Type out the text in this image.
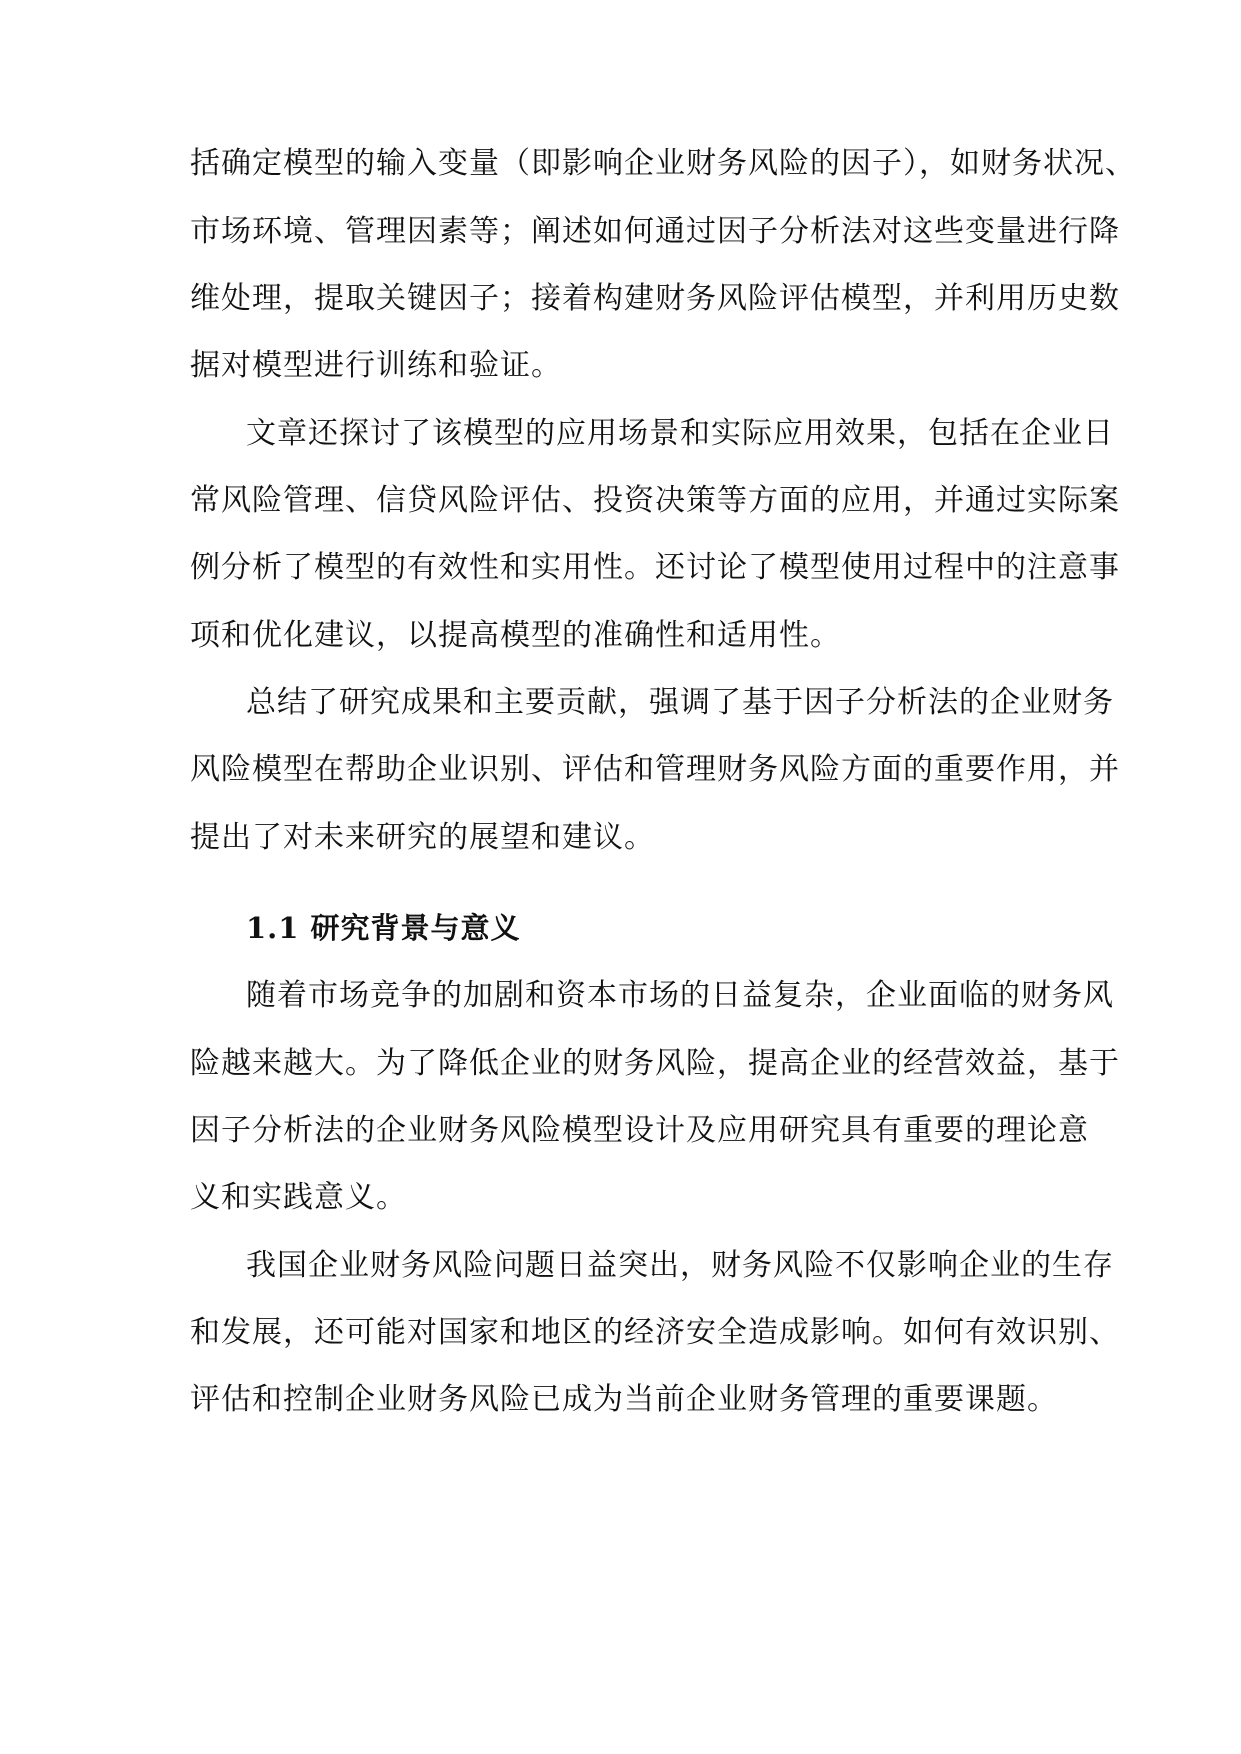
括确定模型的输入变量（即影响企业财务风险的因子），如财务状况、
市场环境、管理因素等；阐述如何通过因子分析法对这些变量进行降
维处理，提取关键因子；接着构建财务风险评估模型，并利用历史数
据对模型进行训练和验证。
文章还探讨了该模型的应用场景和实际应用效果，包括在企业日
常风险管理、信贷风险评估、投资决策等方面的应用，并通过实际案
例分析了模型的有效性和实用性。还讨论了模型使用过程中的注意事
项和优化建议，以提高模型的准确性和适用性。
总结了研究成果和主要贡献，强调了基于因子分析法的企业财务
风险模型在帮助企业识别、评估和管理财务风险方面的重要作用，并
提出了对未来研究的展望和建议。
1.1 研究背景与意义
随着市场竞争的加剧和资本市场的日益复杂，企业面临的财务风
险越来越大。为了降低企业的财务风险，提高企业的经营效益，基于
因子分析法的企业财务风险模型设计及应用研究具有重要的理论意
义和实践意义。
我国企业财务风险问题日益突出，财务风险不仅影响企业的生存
和发展，还可能对国家和地区的经济安全造成影响。如何有效识别、
评估和控制企业财务风险已成为当前企业财务管理的重要课题。
